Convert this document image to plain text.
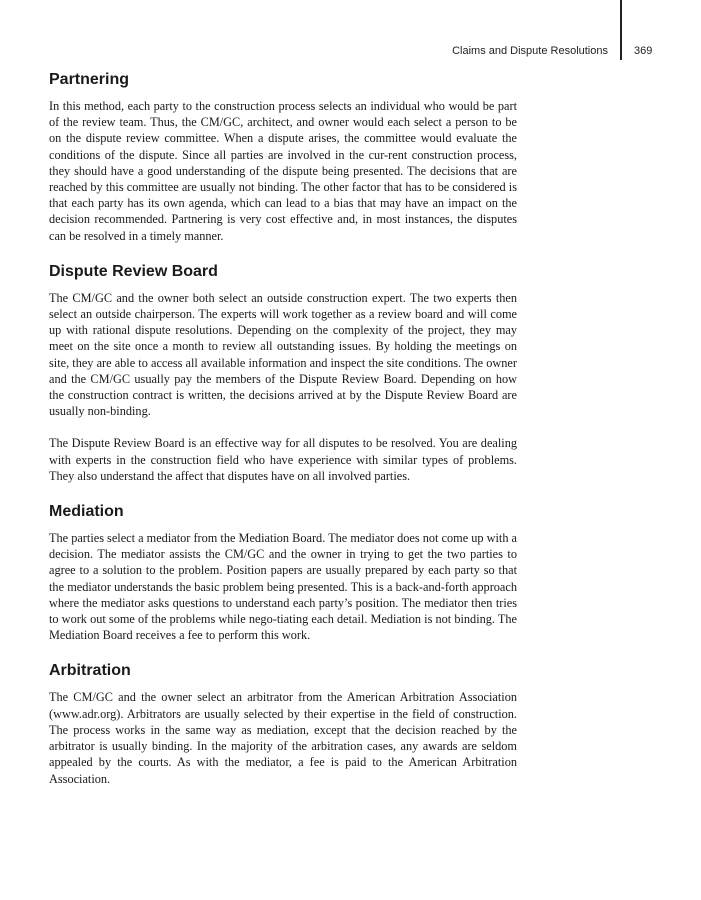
Claims and Dispute Resolutions 369
Partnering

In this method, each party to the construction process selects an individual who would be part of the review team. Thus, the CM/GC, architect, and owner would each select a person to be on the dispute review committee. When a dispute arises, the committee would evaluate the conditions of the dispute. Since all parties are involved in the cur-rent construction process, they should have a good understanding of the dispute being presented. The decisions that are reached by this committee are usually not binding. The other factor that has to be considered is that each party has its own agenda, which can lead to a bias that may have an impact on the decision recommended. Partnering is very cost effective and, in most instances, the disputes can be resolved in a timely manner.

Dispute Review Board

The CM/GC and the owner both select an outside construction expert. The two experts then select an outside chairperson. The experts will work together as a review board and will come up with rational dispute resolutions. Depending on the complexity of the project, they may meet on the site once a month to review all outstanding issues. By holding the meetings on site, they are able to access all available information and inspect the site conditions. The owner and the CM/GC usually pay the members of the Dispute Review Board. Depending on how the construction contract is written, the decisions arrived at by the Dispute Review Board are usually non-binding.

The Dispute Review Board is an effective way for all disputes to be resolved. You are dealing with experts in the construction field who have experience with similar types of problems. They also understand the affect that disputes have on all involved parties.

Mediation

The parties select a mediator from the Mediation Board. The mediator does not come up with a decision. The mediator assists the CM/GC and the owner in trying to get the two parties to agree to a solution to the problem. Position papers are usually prepared by each party so that the mediator understands the basic problem being presented. This is a back-and-forth approach where the mediator asks questions to understand each party’s position. The mediator then tries to work out some of the problems while nego-tiating each detail. Mediation is not binding. The Mediation Board receives a fee to perform this work.

Arbitration

The CM/GC and the owner select an arbitrator from the American Arbitration Association (www.adr.org). Arbitrators are usually selected by their expertise in the field of construction. The process works in the same way as mediation, except that the decision reached by the arbitrator is usually binding. In the majority of the arbitration cases, any awards are seldom appealed by the courts. As with the mediator, a fee is paid to the American Arbitration Association.
